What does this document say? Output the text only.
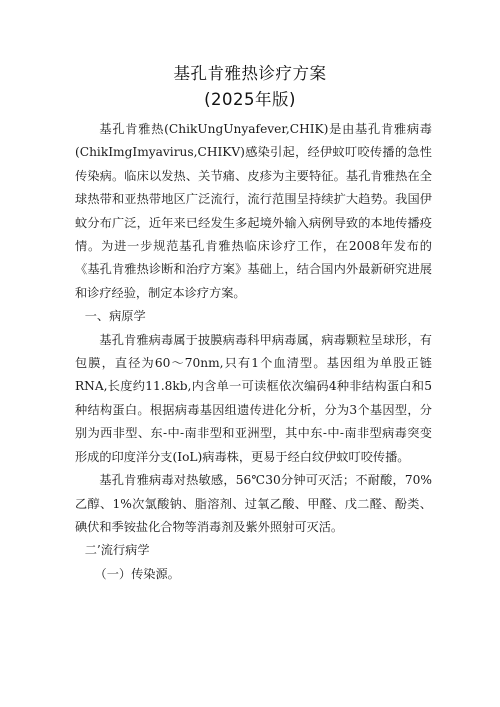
基孔肯雅热诊疗方案
(2025年版)

基孔肯雅热(ChikUngUnyafever,CHIK)是由基孔肯雅病毒(ChikImgImyavirus,CHIKV)感染引起，经伊蚊叮咬传播的急性传染病。临床以发热、关节痛、皮疹为主要特征。基孔肯雅热在全球热带和亚热带地区广泛流行，流行范围呈持续扩大趋势。我国伊蚊分布广泛，近年来已经发生多起境外输入病例导致的本地传播疫情。为进一步规范基孔肯雅热临床诊疗工作，在2008年发布的《基孔肯雅热诊断和治疗方案》基础上，结合国内外最新研究进展和诊疗经验，制定本诊疗方案。

一、病原学

基孔肯雅病毒属于披膜病毒科甲病毒属，病毒颗粒呈球形，有包膜，直径为60～70nm,只有1个血清型。基因组为单股正链RNA,长度约11.8kb,内含单一可读框依次编码4种非结构蛋白和5种结构蛋白。根据病毒基因组遗传进化分析，分为3个基因型，分别为西非型、东-中-南非型和亚洲型，其中东-中-南非型病毒突变形成的印度洋分支(IoL)病毒株，更易于经白纹伊蚊叮咬传播。

基孔肯雅病毒对热敏感，56℃30分钟可灭活；不耐酸，70%乙醇、1%次氯酸钠、脂溶剂、过氧乙酸、甲醛、戊二醛、酚类、碘伏和季铵盐化合物等消毒剂及紫外照射可灭活。

二’流行病学

（一）传染源。
